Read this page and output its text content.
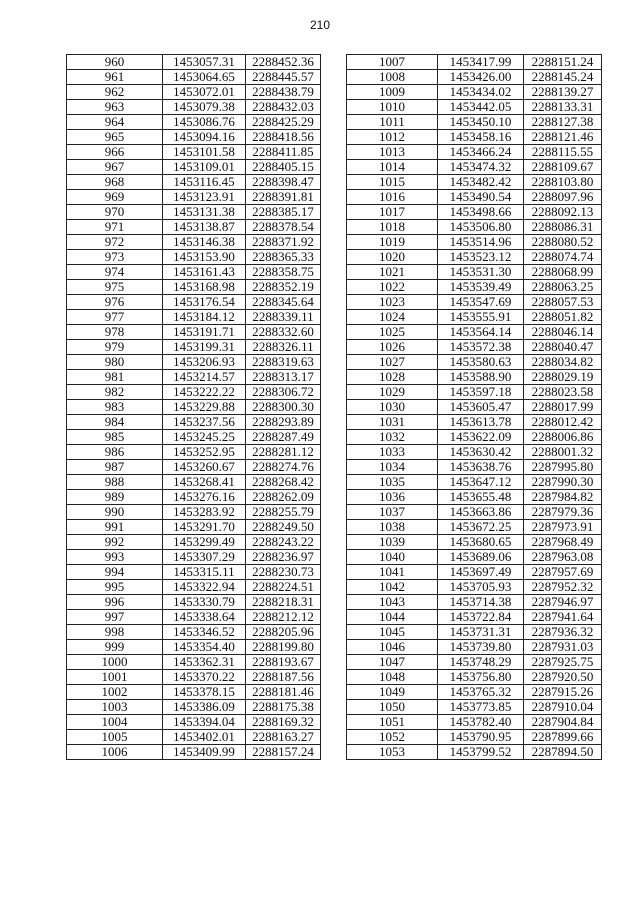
210
960	1453057.31	2288452.36
961	1453064.65	2288445.57
962	1453072.01	2288438.79
963	1453079.38	2288432.03
964	1453086.76	2288425.29
965	1453094.16	2288418.56
966	1453101.58	2288411.85
967	1453109.01	2288405.15
968	1453116.45	2288398.47
969	1453123.91	2288391.81
970	1453131.38	2288385.17
971	1453138.87	2288378.54
972	1453146.38	2288371.92
973	1453153.90	2288365.33
974	1453161.43	2288358.75
975	1453168.98	2288352.19
976	1453176.54	2288345.64
977	1453184.12	2288339.11
978	1453191.71	2288332.60
979	1453199.31	2288326.11
980	1453206.93	2288319.63
981	1453214.57	2288313.17
982	1453222.22	2288306.72
983	1453229.88	2288300.30
984	1453237.56	2288293.89
985	1453245.25	2288287.49
986	1453252.95	2288281.12
987	1453260.67	2288274.76
988	1453268.41	2288268.42
989	1453276.16	2288262.09
990	1453283.92	2288255.79
991	1453291.70	2288249.50
992	1453299.49	2288243.22
993	1453307.29	2288236.97
994	1453315.11	2288230.73
995	1453322.94	2288224.51
996	1453330.79	2288218.31
997	1453338.64	2288212.12
998	1453346.52	2288205.96
999	1453354.40	2288199.80
1000	1453362.31	2288193.67
1001	1453370.22	2288187.56
1002	1453378.15	2288181.46
1003	1453386.09	2288175.38
1004	1453394.04	2288169.32
1005	1453402.01	2288163.27
1006	1453409.99	2288157.24
1007	1453417.99	2288151.24
1008	1453426.00	2288145.24
1009	1453434.02	2288139.27
1010	1453442.05	2288133.31
1011	1453450.10	2288127.38
1012	1453458.16	2288121.46
1013	1453466.24	2288115.55
1014	1453474.32	2288109.67
1015	1453482.42	2288103.80
1016	1453490.54	2288097.96
1017	1453498.66	2288092.13
1018	1453506.80	2288086.31
1019	1453514.96	2288080.52
1020	1453523.12	2288074.74
1021	1453531.30	2288068.99
1022	1453539.49	2288063.25
1023	1453547.69	2288057.53
1024	1453555.91	2288051.82
1025	1453564.14	2288046.14
1026	1453572.38	2288040.47
1027	1453580.63	2288034.82
1028	1453588.90	2288029.19
1029	1453597.18	2288023.58
1030	1453605.47	2288017.99
1031	1453613.78	2288012.42
1032	1453622.09	2288006.86
1033	1453630.42	2288001.32
1034	1453638.76	2287995.80
1035	1453647.12	2287990.30
1036	1453655.48	2287984.82
1037	1453663.86	2287979.36
1038	1453672.25	2287973.91
1039	1453680.65	2287968.49
1040	1453689.06	2287963.08
1041	1453697.49	2287957.69
1042	1453705.93	2287952.32
1043	1453714.38	2287946.97
1044	1453722.84	2287941.64
1045	1453731.31	2287936.32
1046	1453739.80	2287931.03
1047	1453748.29	2287925.75
1048	1453756.80	2287920.50
1049	1453765.32	2287915.26
1050	1453773.85	2287910.04
1051	1453782.40	2287904.84
1052	1453790.95	2287899.66
1053	1453799.52	2287894.50
